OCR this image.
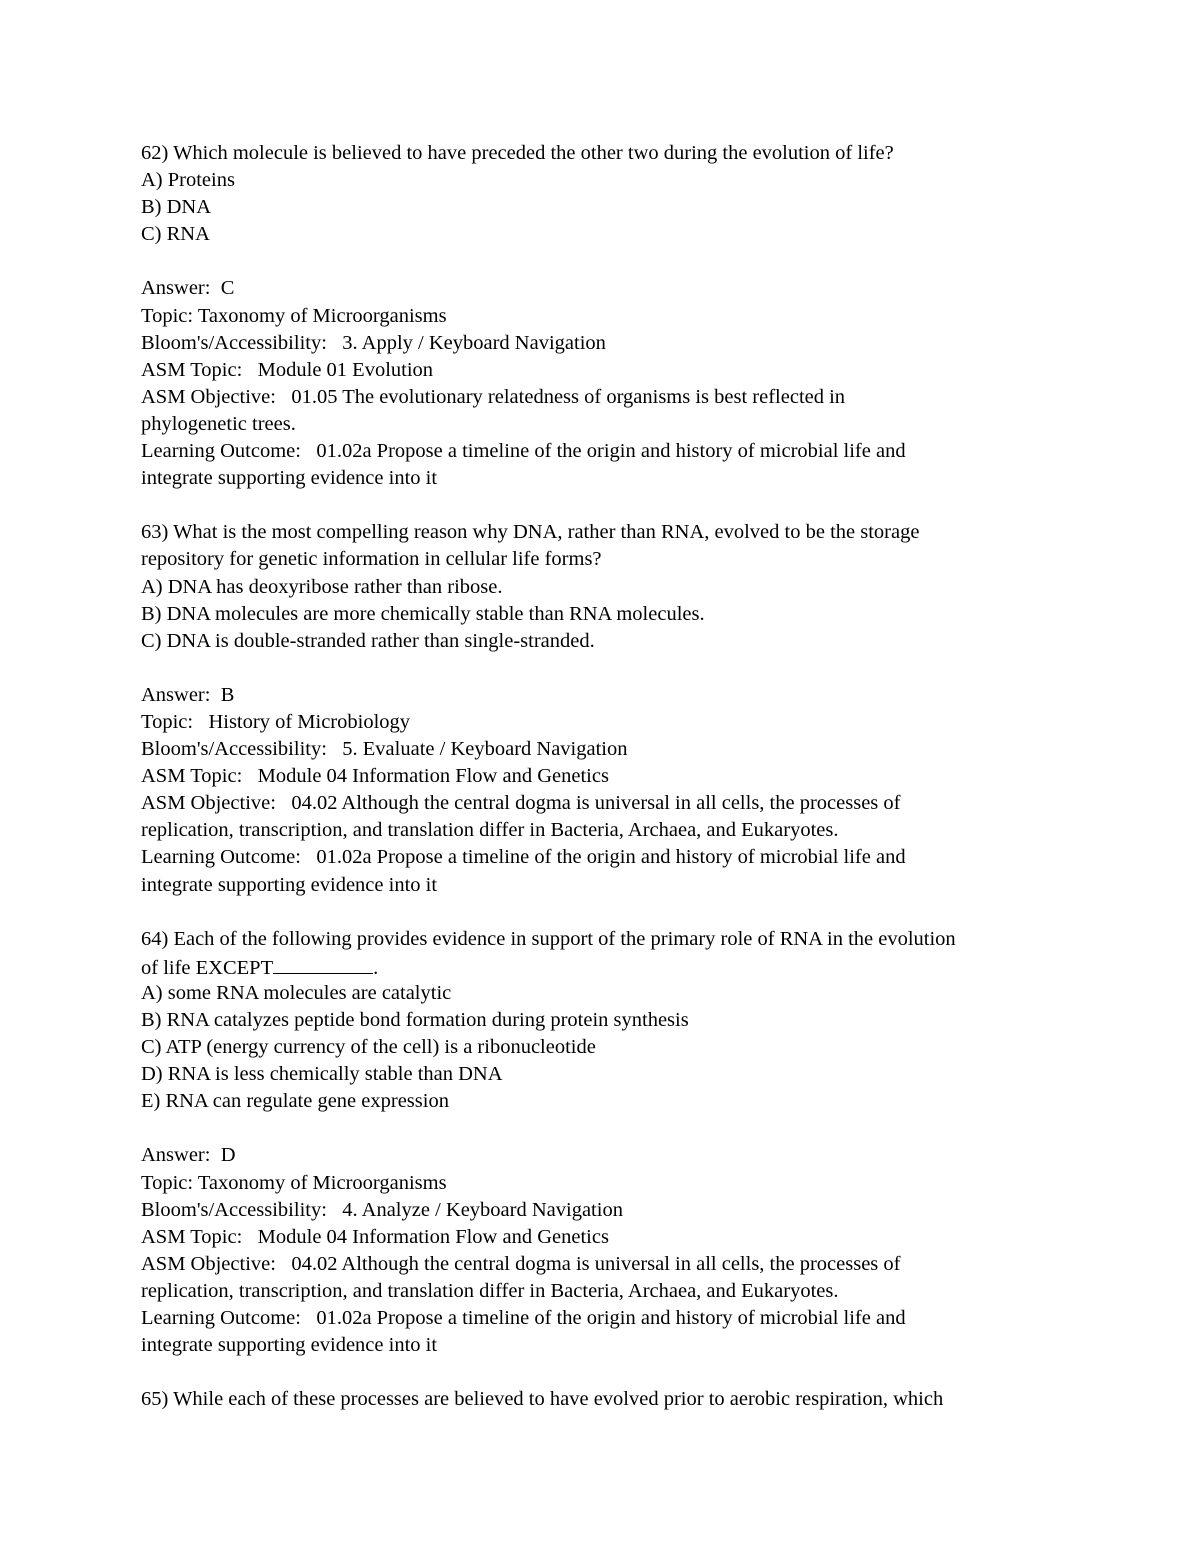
62) Which molecule is believed to have preceded the other two during the evolution of life?
A) Proteins
B) DNA
C) RNA
Answer:  C
Topic: Taxonomy of Microorganisms
Bloom's/Accessibility:   3. Apply / Keyboard Navigation
ASM Topic:   Module 01 Evolution
ASM Objective:   01.05 The evolutionary relatedness of organisms is best reflected in
phylogenetic trees.
Learning Outcome:   01.02a Propose a timeline of the origin and history of microbial life and
integrate supporting evidence into it
63) What is the most compelling reason why DNA, rather than RNA, evolved to be the storage
repository for genetic information in cellular life forms?
A) DNA has deoxyribose rather than ribose.
B) DNA molecules are more chemically stable than RNA molecules.
C) DNA is double-stranded rather than single-stranded.
Answer:  B
Topic:   History of Microbiology
Bloom's/Accessibility:   5. Evaluate / Keyboard Navigation
ASM Topic:   Module 04 Information Flow and Genetics
ASM Objective:   04.02 Although the central dogma is universal in all cells, the processes of
replication, transcription, and translation differ in Bacteria, Archaea, and Eukaryotes.
Learning Outcome:   01.02a Propose a timeline of the origin and history of microbial life and
integrate supporting evidence into it
64) Each of the following provides evidence in support of the primary role of RNA in the evolution
of life EXCEPT	.
A) some RNA molecules are catalytic
B) RNA catalyzes peptide bond formation during protein synthesis
C) ATP (energy currency of the cell) is a ribonucleotide
D) RNA is less chemically stable than DNA
E) RNA can regulate gene expression
Answer:  D
Topic: Taxonomy of Microorganisms
Bloom's/Accessibility:   4. Analyze / Keyboard Navigation
ASM Topic:   Module 04 Information Flow and Genetics
ASM Objective:   04.02 Although the central dogma is universal in all cells, the processes of
replication, transcription, and translation differ in Bacteria, Archaea, and Eukaryotes.
Learning Outcome:   01.02a Propose a timeline of the origin and history of microbial life and
integrate supporting evidence into it
65) While each of these processes are believed to have evolved prior to aerobic respiration, which
